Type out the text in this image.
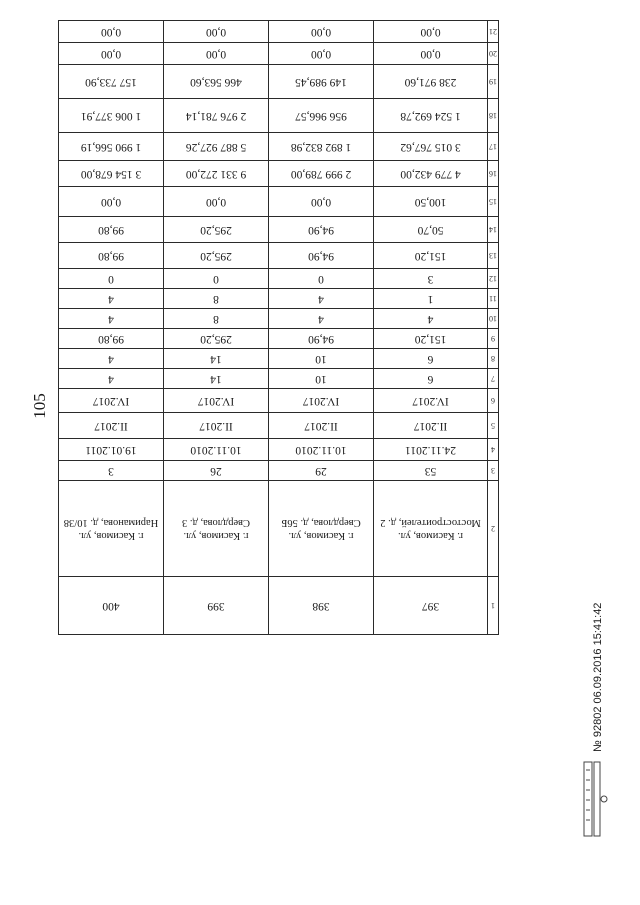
105
1	397	398	399	400
2	г. Касимов, ул. Мостостроителей, д. 2	г. Касимов, ул. Свердлова, д. 56Б	г. Касимов, ул. Свердлова, д. 3	г. Касимов, ул. Нариманова, д. 10/38
3	53	29	26	3
4	24.11.2011	10.11.2010	10.11.2010	19.01.2011
5	II.2017	II.2017	II.2017	II.2017
6	IV.2017	IV.2017	IV.2017	IV.2017
7	6	10	14	4
8	6	10	14	4
9	151,20	94,90	295,20	99,80
10	4	4	8	4
11	1	4	8	4
12	3	0	0	0
13	151,20	94,90	295,20	99,80
14	50,70	94,90	295,20	99,80
15	100,50	0,00	0,00	0,00
16	4 779 432,00	2 999 789,00	9 331 272,00	3 154 678,00
17	3 015 767,62	1 892 832,98	5 887 927,26	1 990 566,19
18	1 524 692,78	956 966,57	2 976 781,14	1 006 377,91
19	238 971,60	149 989,45	466 563,60	157 733,90
20	0,00	0,00	0,00	0,00
21	0,00	0,00	0,00	0,00
№ 92802 06.09.2016 15:41:42
